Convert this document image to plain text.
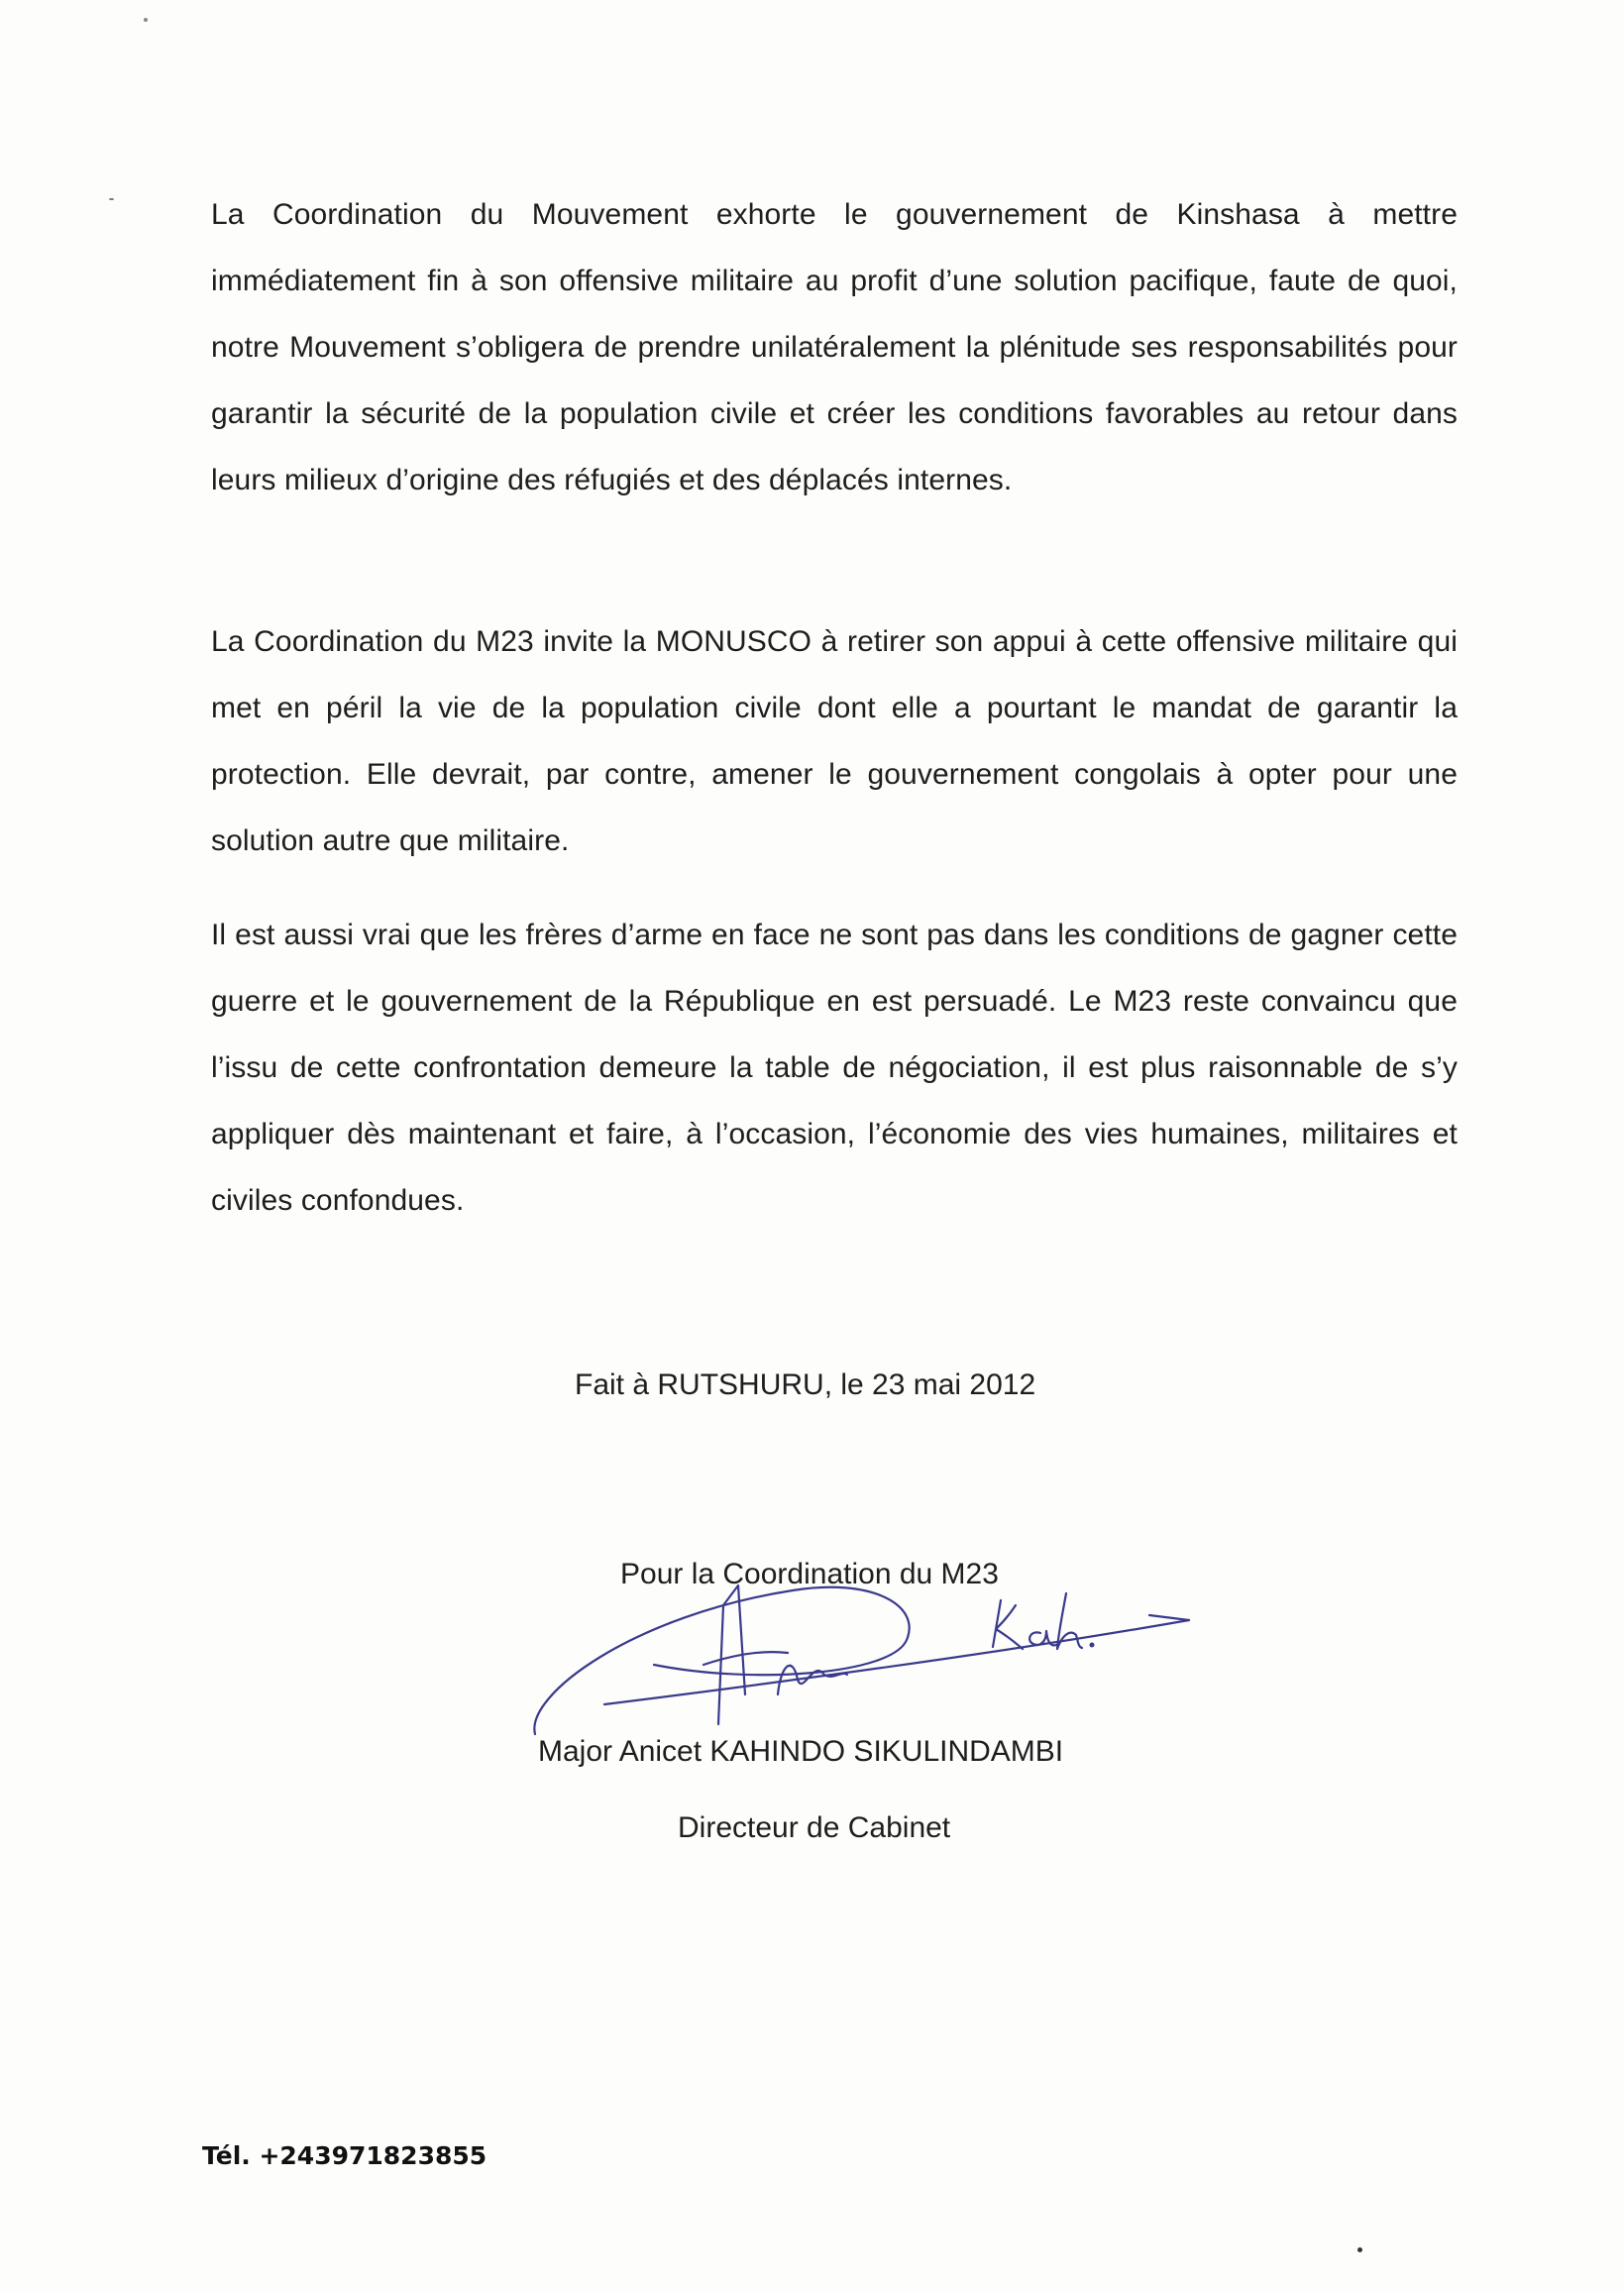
La Coordination du Mouvement exhorte le gouvernement de Kinshasa à mettre immédiatement fin à son offensive militaire au profit d’une solution pacifique, faute de quoi, notre Mouvement s’obligera de prendre unilatéralement la plénitude ses responsabilités pour garantir la sécurité de la population civile et créer les conditions favorables au retour dans leurs milieux d’origine des réfugiés et des déplacés internes.

La Coordination du M23 invite la MONUSCO à retirer son appui à cette offensive militaire qui met en péril la vie de la population civile dont elle a pourtant le mandat de garantir la protection. Elle devrait, par contre, amener le gouvernement congolais à opter pour une solution autre que militaire.

Il est aussi vrai que les frères d’arme en face ne sont pas dans les conditions de gagner cette guerre et le gouvernement de la République en est persuadé. Le M23 reste convaincu que l’issu de cette confrontation demeure la table de négociation, il est plus raisonnable de s’y appliquer dès maintenant et faire, à l’occasion, l’économie des vies humaines, militaires et civiles confondues.

Fait à RUTSHURU, le 23 mai 2012

Pour la Coordination du M23

Major Anicet KAHINDO SIKULINDAMBI

Directeur de Cabinet

Tél. +243971823855
